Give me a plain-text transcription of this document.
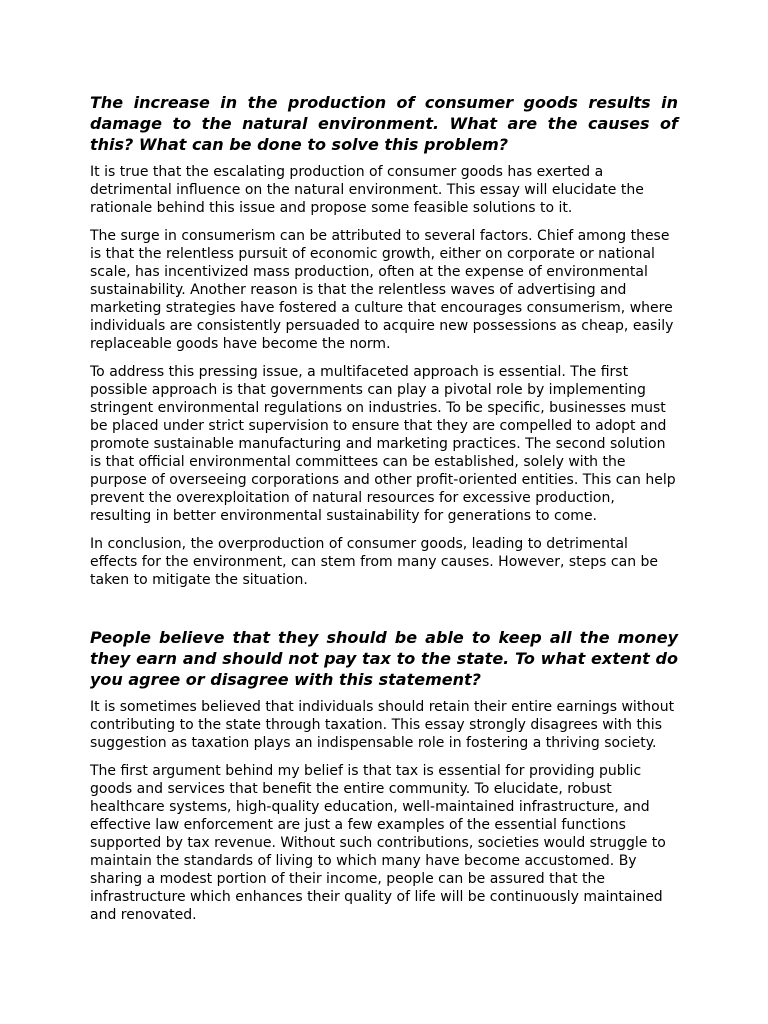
The increase in the production of consumer goods results in damage to the natural environment. What are the causes of this? What can be done to solve this problem?

It is true that the escalating production of consumer goods has exerted a detrimental influence on the natural environment. This essay will elucidate the rationale behind this issue and propose some feasible solutions to it.

The surge in consumerism can be attributed to several factors. Chief among these is that the relentless pursuit of economic growth, either on corporate or national scale, has incentivized mass production, often at the expense of environmental sustainability. Another reason is that the relentless waves of advertising and marketing strategies have fostered a culture that encourages consumerism, where individuals are consistently persuaded to acquire new possessions as cheap, easily replaceable goods have become the norm.

To address this pressing issue, a multifaceted approach is essential. The first possible approach is that governments can play a pivotal role by implementing stringent environmental regulations on industries. To be specific, businesses must be placed under strict supervision to ensure that they are compelled to adopt and promote sustainable manufacturing and marketing practices. The second solution is that official environmental committees can be established, solely with the purpose of overseeing corporations and other profit-oriented entities. This can help prevent the overexploitation of natural resources for excessive production, resulting in better environmental sustainability for generations to come.

In conclusion, the overproduction of consumer goods, leading to detrimental effects for the environment, can stem from many causes. However, steps can be taken to mitigate the situation.

People believe that they should be able to keep all the money they earn and should not pay tax to the state. To what extent do you agree or disagree with this statement?

It is sometimes believed that individuals should retain their entire earnings without contributing to the state through taxation. This essay strongly disagrees with this suggestion as taxation plays an indispensable role in fostering a thriving society.

The first argument behind my belief is that tax is essential for providing public goods and services that benefit the entire community. To elucidate, robust healthcare systems, high-quality education, well-maintained infrastructure, and effective law enforcement are just a few examples of the essential functions supported by tax revenue. Without such contributions, societies would struggle to maintain the standards of living to which many have become accustomed. By sharing a modest portion of their income, people can be assured that the infrastructure which enhances their quality of life will be continuously maintained and renovated.
